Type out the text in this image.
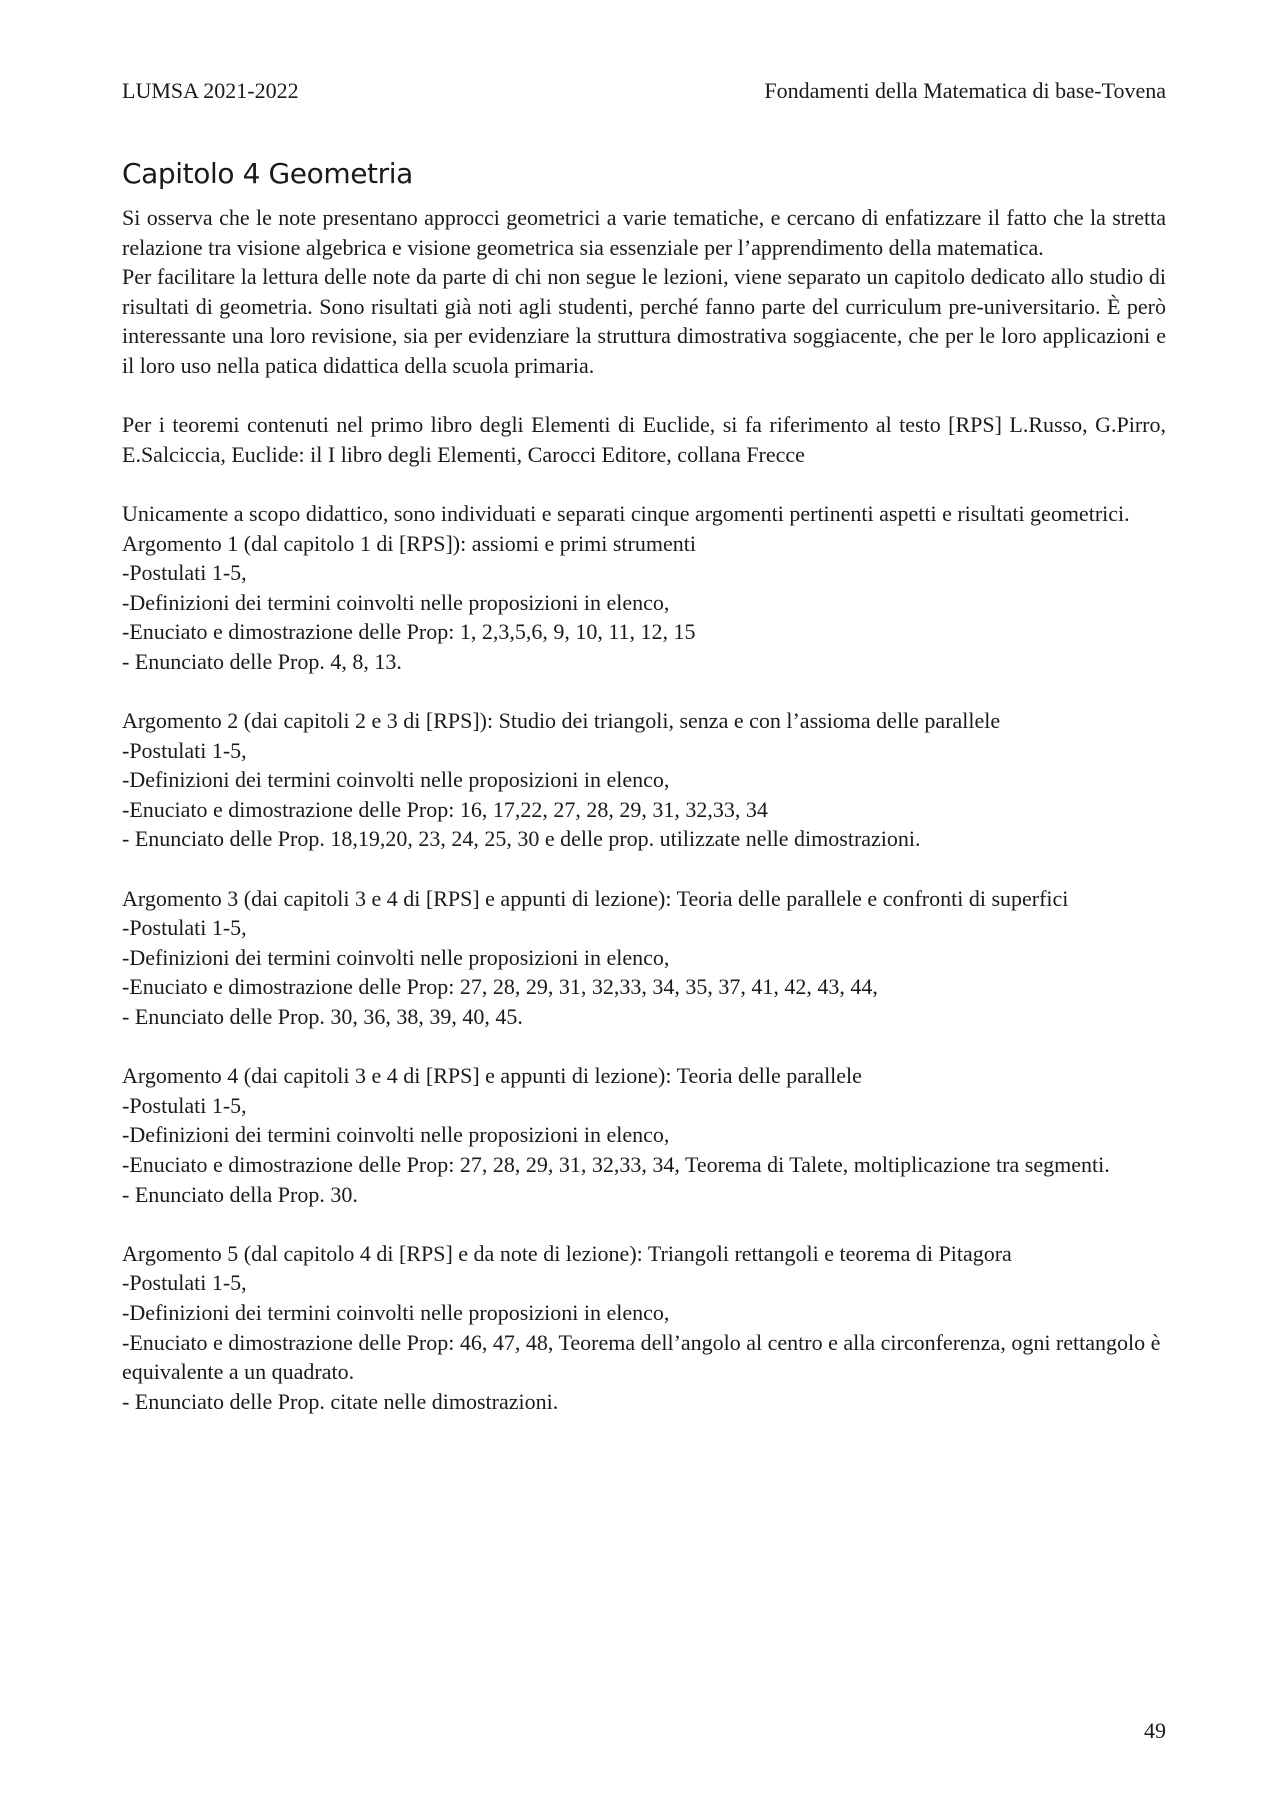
LUMSA 2021-2022	Fondamenti della Matematica di base-Tovena
Capitolo 4 Geometria

Si osserva che le note presentano approcci geometrici a varie tematiche, e cercano di enfatizzare il fatto che la stretta relazione tra visione algebrica e visione geometrica sia essenziale per l’apprendimento della matematica.

Per facilitare la lettura delle note da parte di chi non segue le lezioni, viene separato un capitolo dedicato allo studio di risultati di geometria. Sono risultati già noti agli studenti, perché fanno parte del curriculum pre-universitario. È però interessante una loro revisione, sia per evidenziare la struttura dimostrativa soggiacente, che per le loro applicazioni e il loro uso nella patica didattica della scuola primaria.

Per i teoremi contenuti nel primo libro degli Elementi di Euclide, si fa riferimento al testo [RPS] L.Russo, G.Pirro, E.Salciccia, Euclide: il I libro degli Elementi, Carocci Editore, collana Frecce

Unicamente a scopo didattico, sono individuati e separati cinque argomenti pertinenti aspetti e risultati geometrici.

Argomento 1 (dal capitolo 1 di [RPS]): assiomi e primi strumenti

-Postulati 1-5,

-Definizioni dei termini coinvolti nelle proposizioni in elenco,

-Enuciato e dimostrazione delle Prop: 1, 2,3,5,6, 9, 10, 11, 12, 15

- Enunciato delle Prop. 4, 8, 13.

Argomento 2 (dai capitoli 2 e 3 di [RPS]): Studio dei triangoli, senza e con l’assioma delle parallele

-Postulati 1-5,

-Definizioni dei termini coinvolti nelle proposizioni in elenco,

-Enuciato e dimostrazione delle Prop: 16, 17,22, 27, 28, 29, 31, 32,33, 34

- Enunciato delle Prop. 18,19,20, 23, 24, 25, 30 e delle prop. utilizzate nelle dimostrazioni.

Argomento 3 (dai capitoli 3 e 4 di [RPS] e appunti di lezione): Teoria delle parallele e confronti di superfici

-Postulati 1-5,

-Definizioni dei termini coinvolti nelle proposizioni in elenco,

-Enuciato e dimostrazione delle Prop: 27, 28, 29, 31, 32,33, 34, 35, 37, 41, 42, 43, 44,

- Enunciato delle Prop. 30, 36, 38, 39, 40, 45.

Argomento 4 (dai capitoli 3 e 4 di [RPS] e appunti di lezione): Teoria delle parallele

-Postulati 1-5,

-Definizioni dei termini coinvolti nelle proposizioni in elenco,

-Enuciato e dimostrazione delle Prop: 27, 28, 29, 31, 32,33, 34, Teorema di Talete, moltiplicazione tra segmenti.

- Enunciato della Prop. 30.

Argomento 5 (dal capitolo 4 di [RPS] e da note di lezione): Triangoli rettangoli e teorema di Pitagora

-Postulati 1-5,

-Definizioni dei termini coinvolti nelle proposizioni in elenco,

-Enuciato e dimostrazione delle Prop: 46, 47, 48, Teorema dell’angolo al centro e alla circonferenza, ogni rettangolo è equivalente a un quadrato.

- Enunciato delle Prop. citate nelle dimostrazioni.

49
